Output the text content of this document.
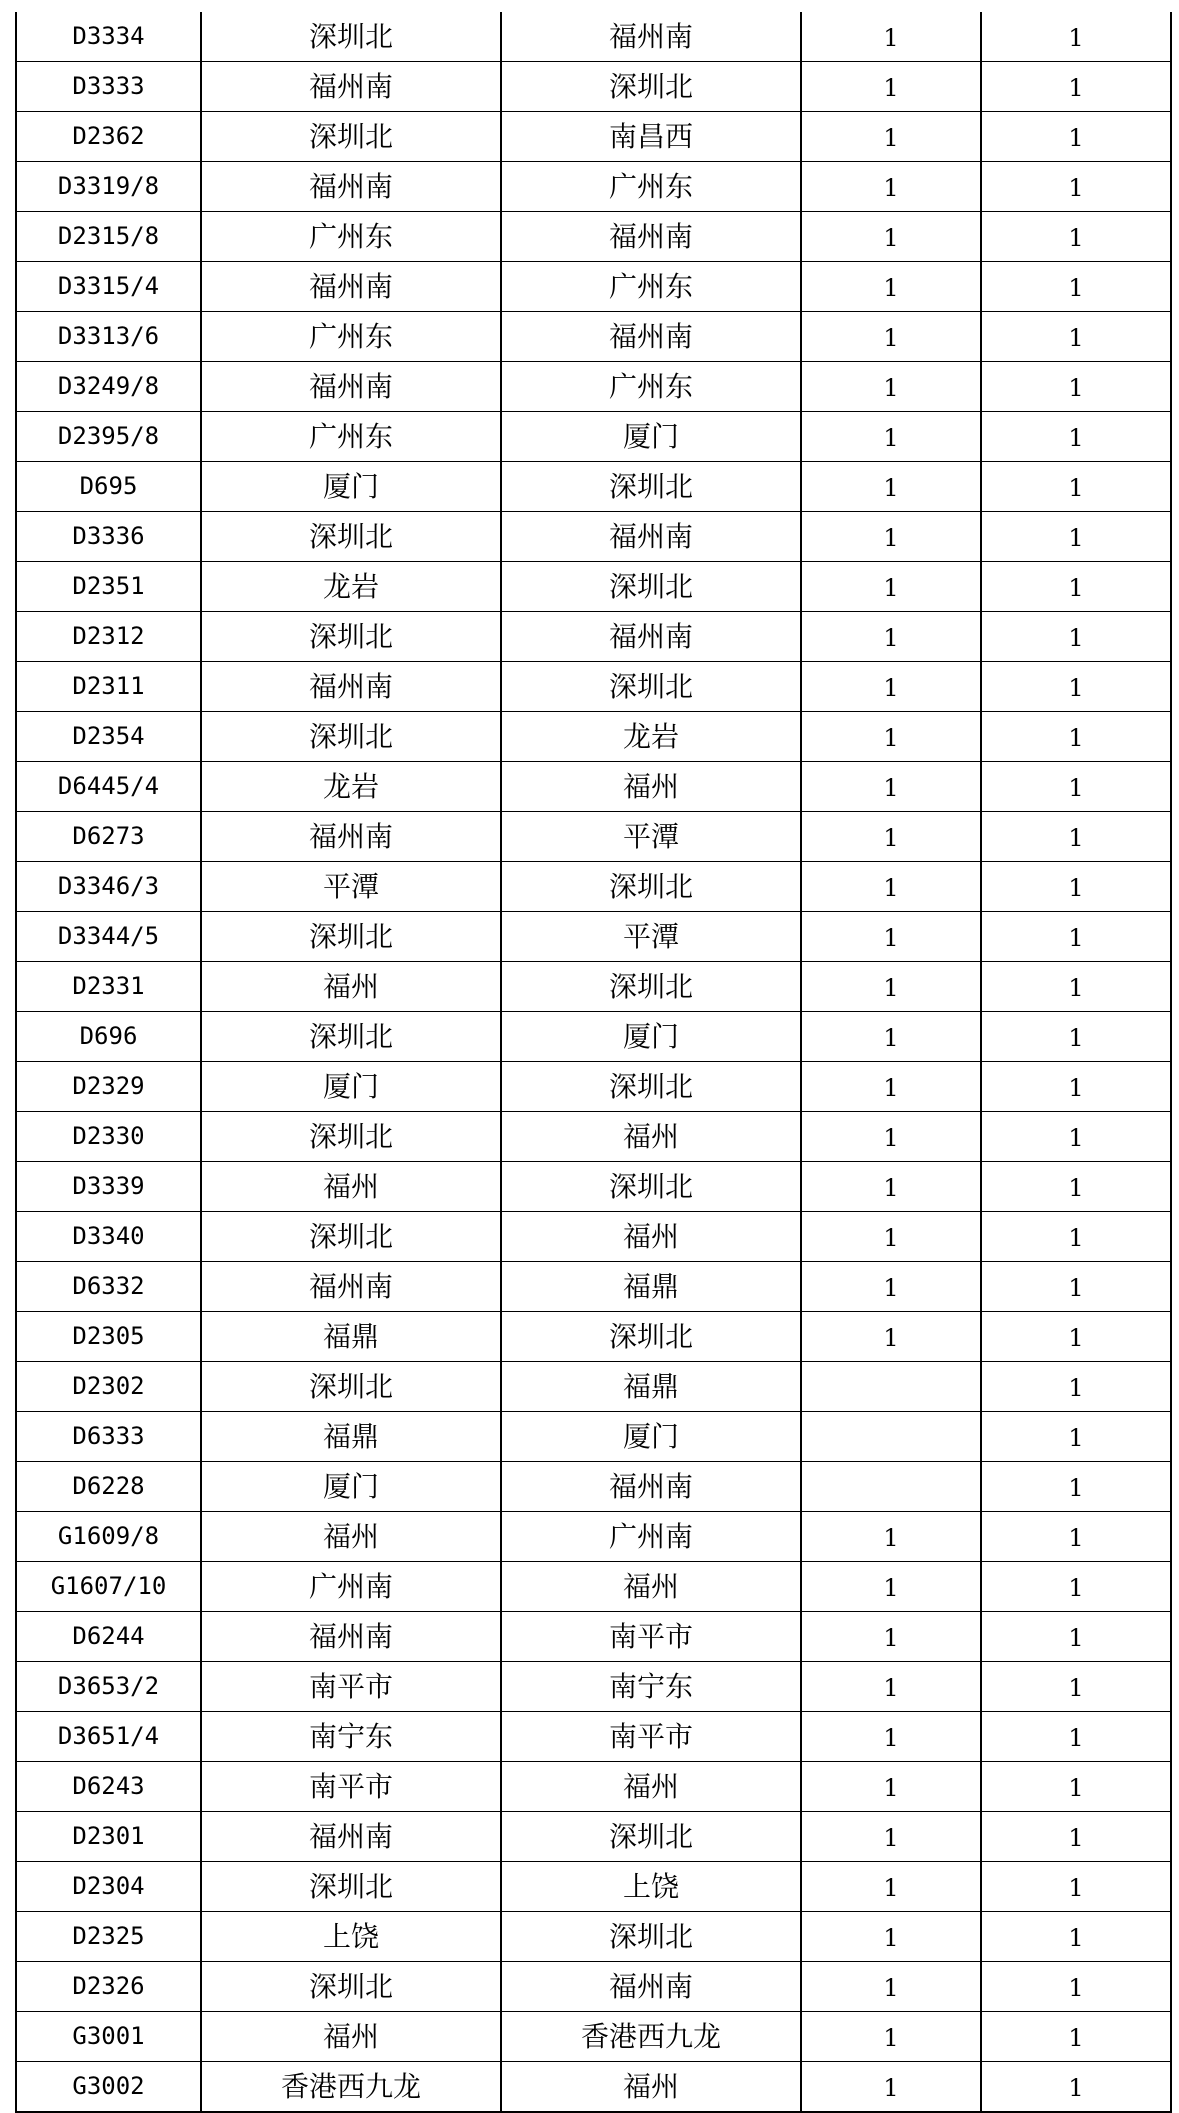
D3334	深圳北	福州南	1	1
D3333	福州南	深圳北	1	1
D2362	深圳北	南昌西	1	1
D3319/8	福州南	广州东	1	1
D2315/8	广州东	福州南	1	1
D3315/4	福州南	广州东	1	1
D3313/6	广州东	福州南	1	1
D3249/8	福州南	广州东	1	1
D2395/8	广州东	厦门	1	1
D695	厦门	深圳北	1	1
D3336	深圳北	福州南	1	1
D2351	龙岩	深圳北	1	1
D2312	深圳北	福州南	1	1
D2311	福州南	深圳北	1	1
D2354	深圳北	龙岩	1	1
D6445/4	龙岩	福州	1	1
D6273	福州南	平潭	1	1
D3346/3	平潭	深圳北	1	1
D3344/5	深圳北	平潭	1	1
D2331	福州	深圳北	1	1
D696	深圳北	厦门	1	1
D2329	厦门	深圳北	1	1
D2330	深圳北	福州	1	1
D3339	福州	深圳北	1	1
D3340	深圳北	福州	1	1
D6332	福州南	福鼎	1	1
D2305	福鼎	深圳北	1	1
D2302	深圳北	福鼎		1
D6333	福鼎	厦门		1
D6228	厦门	福州南		1
G1609/8	福州	广州南	1	1
G1607/10	广州南	福州	1	1
D6244	福州南	南平市	1	1
D3653/2	南平市	南宁东	1	1
D3651/4	南宁东	南平市	1	1
D6243	南平市	福州	1	1
D2301	福州南	深圳北	1	1
D2304	深圳北	上饶	1	1
D2325	上饶	深圳北	1	1
D2326	深圳北	福州南	1	1
G3001	福州	香港西九龙	1	1
G3002	香港西九龙	福州	1	1
